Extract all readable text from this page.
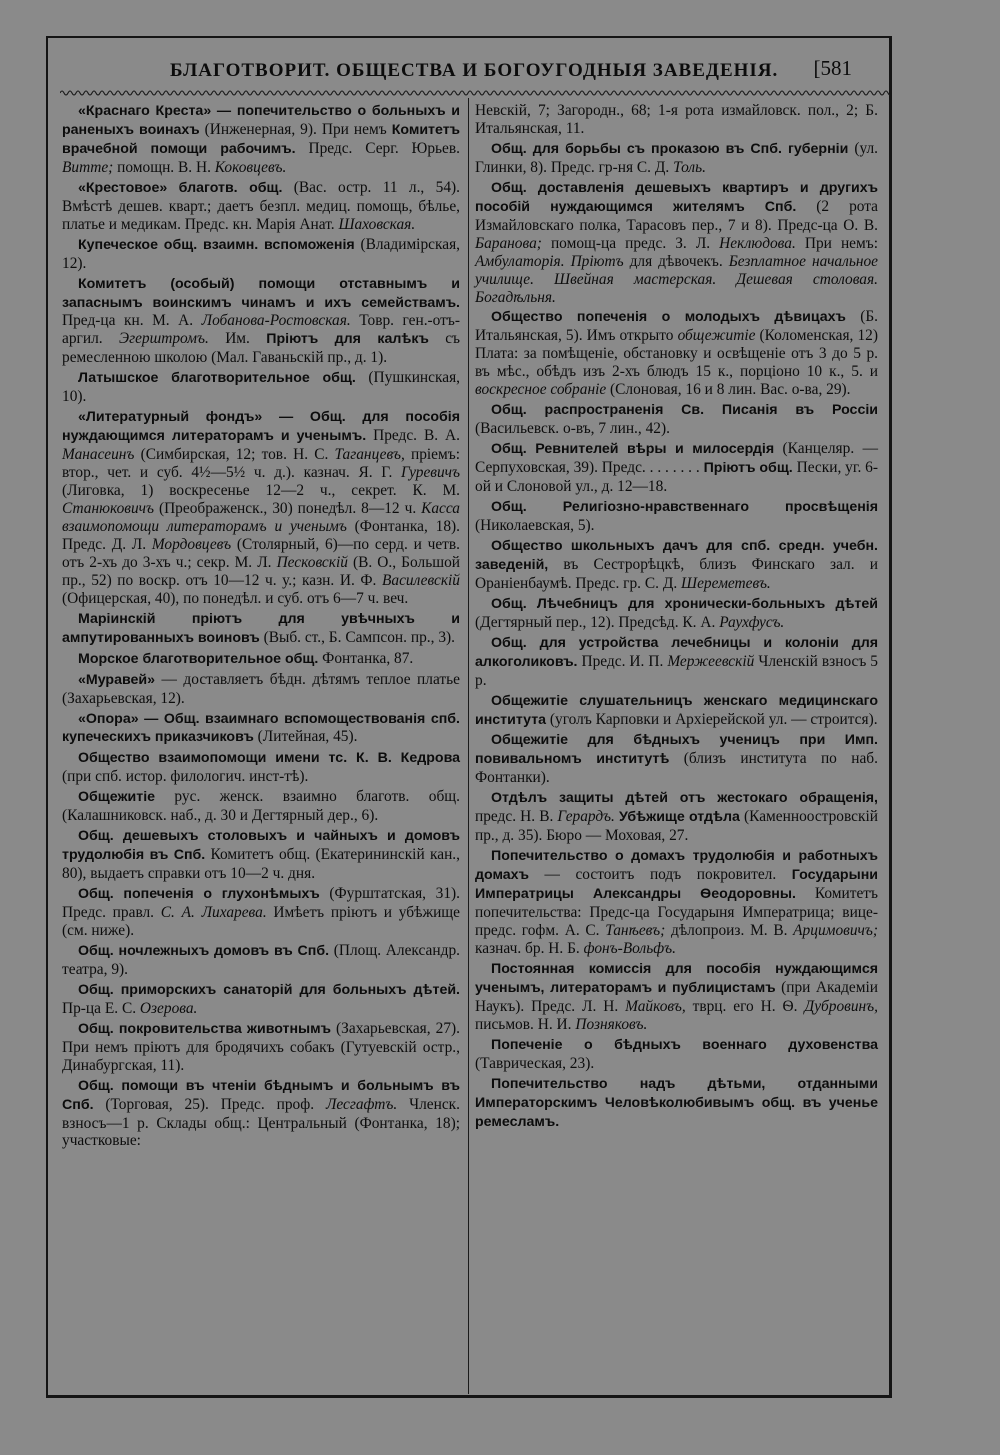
БЛАГОТВОРИТ. ОБЩЕСТВА И БОГОУГОДНЫЯ ЗАВЕДЕНІЯ. [581

«Краснаго Креста» — попечительство о больныхъ и раненыхъ воинахъ (Инженерная, 9). При немъ Комитетъ врачебной помощи рабочимъ. Предс. Серг. Юрьев. Витте; помощн. В. Н. Коковцевъ.

«Крестовое» благотв. общ. (Вас. остр. 11 л., 54). Вмѣстѣ дешев. кварт.; даетъ безпл. медиц. помощь, бѣлье, платье и медикам. Предс. кн. Марія Анат. Шаховская.

Купеческое общ. взаимн. вспоможенія (Владимірская, 12).

Комитетъ (особый) помощи отставнымъ и запаснымъ воинскимъ чинамъ и ихъ семействамъ. Пред-ца кн. М. А. Лобанова-Ростовская. Товр. ген.-отъ-аргил. Эгерштромъ. Им. Пріютъ для калѣкъ съ ремесленною школою (Мал. Гаваньскій пр., д. 1).

Латышское благотворительное общ. (Пушкинская, 10).

«Литературный фондъ» — Общ. для пособія нуждающимся литераторамъ и ученымъ. Предс. В. А. Манасеинъ (Симбирская, 12; тов. Н. С. Таганцевъ, пріемъ: втор., чет. и суб. 4½—5½ ч. д.). казнач. Я. Г. Гуревичъ (Лиговка, 1) воскресенье 12—2 ч., секрет. К. М. Станюковичъ (Преображенск., 30) понедѣл. 8—12 ч. Касса взаимопомощи литераторамъ и ученымъ (Фонтанка, 18). Предс. Д. Л. Мордовцевъ (Столярный, 6)—по серд. и четв. отъ 2-хъ до 3-хъ ч.; секр. М. Л. Песковскій (В. О., Большой пр., 52) по воскр. отъ 10—12 ч. у.; казн. И. Ф. Василевскій (Офицерская, 40), по понедѣл. и суб. отъ 6—7 ч. веч.

Маріинскій пріютъ для увѣчныхъ и ампутированныхъ воиновъ (Выб. ст., Б. Сампсон. пр., 3).

Морское благотворительное общ. Фонтанка, 87.

«Муравей» — доставляетъ бѣдн. дѣтямъ теплое платье (Захарьевская, 12).

«Опора» — Общ. взаимнаго вспомоществованія спб. купеческихъ приказчиковъ (Литейная, 45).

Общество взаимопомощи имени тс. К. В. Кедрова (при спб. истор. филологич. инст-тѣ).

Общежитіе рус. женск. взаимно благотв. общ. (Калашниковск. наб., д. 30 и Дегтярный дер., 6).

Общ. дешевыхъ столовыхъ и чайныхъ и домовъ трудолюбія въ Спб. Комитетъ общ. (Екатерининскій кан., 80), выдаетъ справки отъ 10—2 ч. дня.

Общ. попеченія о глухонѣмыхъ (Фурштатская, 31). Предс. правл. С. А. Лихарева. Имѣетъ пріютъ и убѣжище (см. ниже).

Общ. ночлежныхъ домовъ въ Спб. (Площ. Александр. театра, 9).

Общ. приморскихъ санаторій для больныхъ дѣтей. Пр-ца Е. С. Озерова.

Общ. покровительства животнымъ (Захарьевская, 27). При немъ пріютъ для бродячихъ собакъ (Гутуевскій остр., Динабургская, 11).

Общ. помощи въ чтеніи бѣднымъ и больнымъ въ Спб. (Торговая, 25). Предс. проф. Лесгафтъ. Членск. взносъ—1 р. Склады общ.: Центральный (Фонтанка, 18); участковые:

Невскій, 7; Загородн., 68; 1-я рота измайловск. пол., 2; Б. Итальянская, 11.

Общ. для борьбы съ проказою въ Спб. губерніи (ул. Глинки, 8). Предс. гр-ня С. Д. Толь.

Общ. доставленія дешевыхъ квартиръ и другихъ пособій нуждающимся жителямъ Спб. (2 рота Измайловскаго полка, Тарасовъ пер., 7 и 8). Предс-ца О. В. Баранова; помощ-ца предс. З. Л. Неклюдова. При немъ: Амбулаторія. Пріютъ для дѣвочекъ. Безплатное начальное училище. Швейная мастерская. Дешевая столовая. Богадѣльня.

Общество попеченія о молодыхъ дѣвицахъ (Б. Итальянская, 5). Имъ открыто общежитіе (Коломенская, 12) Плата: за помѣщеніе, обстановку и освѣщеніе отъ 3 до 5 р. въ мѣс., обѣдъ изъ 2-хъ блюдъ 15 к., порціоно 10 к., 5. и воскресное собраніе (Слоновая, 16 и 8 лин. Вас. о-ва, 29).

Общ. распространенія Св. Писанія въ Россіи (Васильевск. о-въ, 7 лин., 42).

Общ. Ревнителей вѣры и милосердія (Канцеляр. — Серпуховская, 39). Предс. . . . . . . . Пріютъ общ. Пески, уг. 6-ой и Слоновой ул., д. 12—18.

Общ. Религіозно-нравственнаго просвѣщенія (Николаевская, 5).

Общество школьныхъ дачъ для спб. средн. учебн. заведеній, въ Сестрорѣцкѣ, близъ Финскаго зал. и Ораніенбаумѣ. Предс. гр. С. Д. Шереметевъ.

Общ. Лѣчебницъ для хронически-больныхъ дѣтей (Дегтярный пер., 12). Предсѣд. К. А. Раухфусъ.

Общ. для устройства лечебницы и колоніи для алкоголиковъ. Предс. И. П. Мержеевскій Членскій взносъ 5 р.

Общежитіе слушательницъ женскаго медицинскаго института (уголъ Карповки и Архіерейской ул. — строится).

Общежитіе для бѣдныхъ ученицъ при Имп. повивальномъ институтѣ (близъ института по наб. Фонтанки).

Отдѣлъ защиты дѣтей отъ жестокаго обращенія, предс. Н. В. Герардъ. Убѣжище отдѣла (Каменноостровскій пр., д. 35). Бюро — Моховая, 27.

Попечительство о домахъ трудолюбія и работныхъ домахъ — состоитъ подъ покровител. Государыни Императрицы Александры Ѳеодоровны. Комитетъ попечительства: Предс-ца Государыня Императрица; вице-предс. гофм. А. С. Танѣевъ; дѣлопроиз. М. В. Арцимовичъ; казнач. бр. Н. Б. фонъ-Вольфъ.

Постоянная комиссія для пособія нуждающимся ученымъ, литераторамъ и публицистамъ (при Академіи Наукъ). Предс. Л. Н. Майковъ, тврц. его Н. Ѳ. Дубровинъ, письмов. Н. И. Позняковъ.

Попеченіе о бѣдныхъ военнаго духовенства (Таврическая, 23).

Попечительство надъ дѣтьми, отданными Императорскимъ Человѣколюбивымъ общ. въ ученье ремесламъ.
